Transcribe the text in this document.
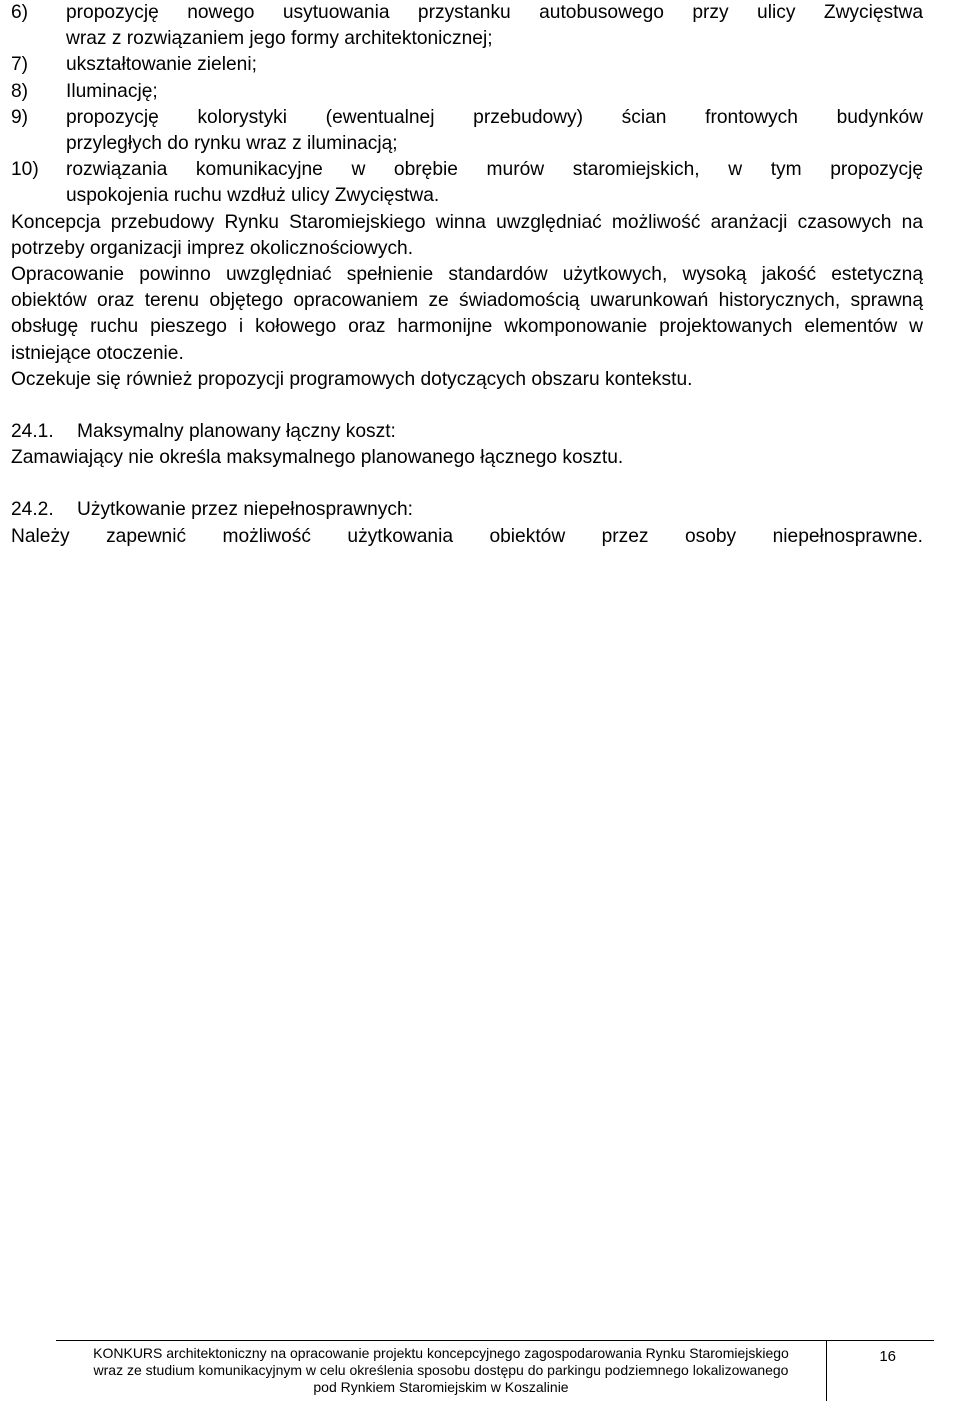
6)	propozycję nowego usytuowania przystanku autobusowego przy ulicy Zwycięstwa
wraz z rozwiązaniem jego formy architektonicznej;
7)	ukształtowanie zieleni;
8)	Iluminację;
9)	propozycję kolorystyki (ewentualnej przebudowy) ścian frontowych budynków
przyległych do rynku wraz z iluminacją;
10)	rozwiązania komunikacyjne w obrębie murów staromiejskich, w tym propozycję
uspokojenia ruchu wzdłuż ulicy Zwycięstwa.

Koncepcja przebudowy Rynku Staromiejskiego winna uwzględniać możliwość aranżacji czasowych na potrzeby organizacji imprez okolicznościowych.

Opracowanie powinno uwzględniać spełnienie standardów użytkowych, wysoką jakość estetyczną obiektów oraz terenu objętego opracowaniem ze świadomością uwarunkowań historycznych, sprawną obsługę ruchu pieszego i kołowego oraz harmonijne wkomponowanie projektowanych elementów w istniejące otoczenie.

Oczekuje się również propozycji programowych dotyczących obszaru kontekstu.

24.1.	Maksymalny planowany łączny koszt:

Zamawiający nie określa maksymalnego planowanego łącznego kosztu.

24.2.	Użytkowanie przez niepełnosprawnych:

Należy zapewnić możliwość użytkowania obiektów przez osoby niepełnosprawne.

KONKURS architektoniczny na opracowanie projektu koncepcyjnego zagospodarowania Rynku Staromiejskiego
wraz ze studium komunikacyjnym w celu określenia sposobu dostępu do parkingu podziemnego lokalizowanego
pod Rynkiem Staromiejskim w Koszalinie
16
